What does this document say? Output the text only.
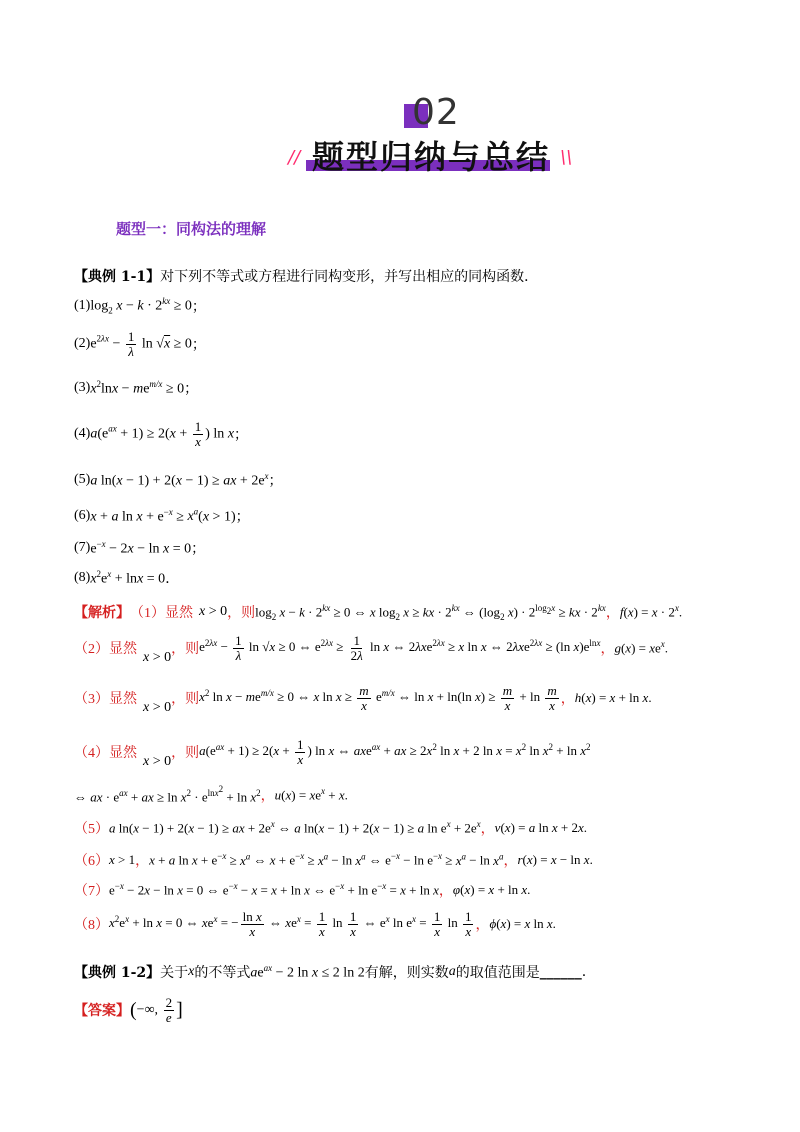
02
//	\\
题型归纳与总结
题型一：同构法的理解
【典例 1-1】 对下列不等式或方程进行同构变形，并写出相应的同构函数．
(1) $\log_2 x - k \cdot 2^{kx} \ge 0$ ；
(2) $e^{2\lambda x} - \frac{1}{\lambda}$ ln √x ≥ 0 ；
(3) $x^2\ln x - me^{m/x} \ge 0$ ；
(4) $a(e^{ax} + 1) \ge 2(x + \frac{1}{x}$ ) ln x ；
(5) a ln(x − 1) + 2(x − 1) ≥ ax + $2e^x$ ；
(6) x + a $\ln x + e^{-x} \ge x^a(x > 1)$ ；
(7) $e^{-x} - 2x - \ln x = 0$ ；
(8) $x^2e^x + \ln x = 0$ ．
【解析】 （1）显然 x > 0 ，则 $\log_2 x - k \cdot 2^{kx} \ge 0$ ⇔ x $\log_2 x$ ≥ kx · $2^{kx}$ ⇔ ($\log_2$ $x) \cdot 2^{log_2x}$ ≥ kx · $2^{kx}$ ， $f(x) = x \cdot 2^x$.
（2）显然
x > 0
，则 $e^{2\lambda x} - \frac{1}{\lambda}$ ln √x ≥ 0 ⇔ $e^{2\lambda x} \ge \frac{1}{2\lambda}$ ln x ⇔ 2λxe$^{2\lambda x}$ ≥ x ln x ⇔ 2λxe$^{2\lambda x}$ ≥ (ln $x)e^{lnx}$ ， $g(x) = xe^x$.
（3）显然
x > 0
，则 $x^2$ $\ln x - me^{m/x} \ge 0$ ⇔ x $\ln x \ge \frac{m}{x} e^{m/x}$ ⇔ ln x + ln(ln $x) \ge \frac{m}{x} + \ln \frac{m}{x}$ ， h(x) = x + ln x.
（4）显然
x > 0
，则 $a(e^{ax} + 1) \ge 2(x + \frac{1}{x}$ ) ln x ⇔ axe$^{ax}$ + ax ≥ $2x^2$ ln x + 2 $\ln x = x^2$ $\ln x^2 + \ln x^2$
⇔ ax · $e^{ax}$ + ax ≥ $\ln x^2 \cdot e^{lnx^2} + \ln x^2$ ， $u(x) = xe^x + x$.
（5） a ln(x − 1) + 2(x − 1) ≥ ax + $2e^x$ ⇔ a ln(x − 1) + 2(x − 1) ≥ a $\ln e^x + 2e^x$ ， v(x) = a ln x + 2x.
（6） x > 1 ， x + a $\ln x + e^{-x} \ge x^a$ ⇔ $x + e^{-x} \ge x^a - \ln x^a$ ⇔ $e^{-x} - \ln e^{-x} \ge x^a - \ln x^a$ ， r(x) = x − ln x.
（7） $e^{-x} - 2x - \ln x = 0$ ⇔ $e^{-x} - x = x + \ln x$ ⇔ $e^{-x} + \ln e^{-x} = x + \ln x$ ， φ(x) = x + ln x.
（8） $x^2e^x + \ln x = 0$ ⇔ $xe^x$ = − $\frac{\text{ln x}}{x}$ ⇔ $xe^x = \frac{1}{x}$ $\ln \frac{1}{x}$ ⇔ $e^x$ $\ln e^x = \frac{1}{x}$ $\ln \frac{1}{x}$ ， ϕ(x) = x ln x.
【典例 1-2】 关于 x 的不等式 $ae^{ax} - 2$ ln x ≤ 2 ln 2 有解，则实数 a 的取值范围是 ______ .
【答案】 ( −∞, $\frac{2}{e}$ ]
